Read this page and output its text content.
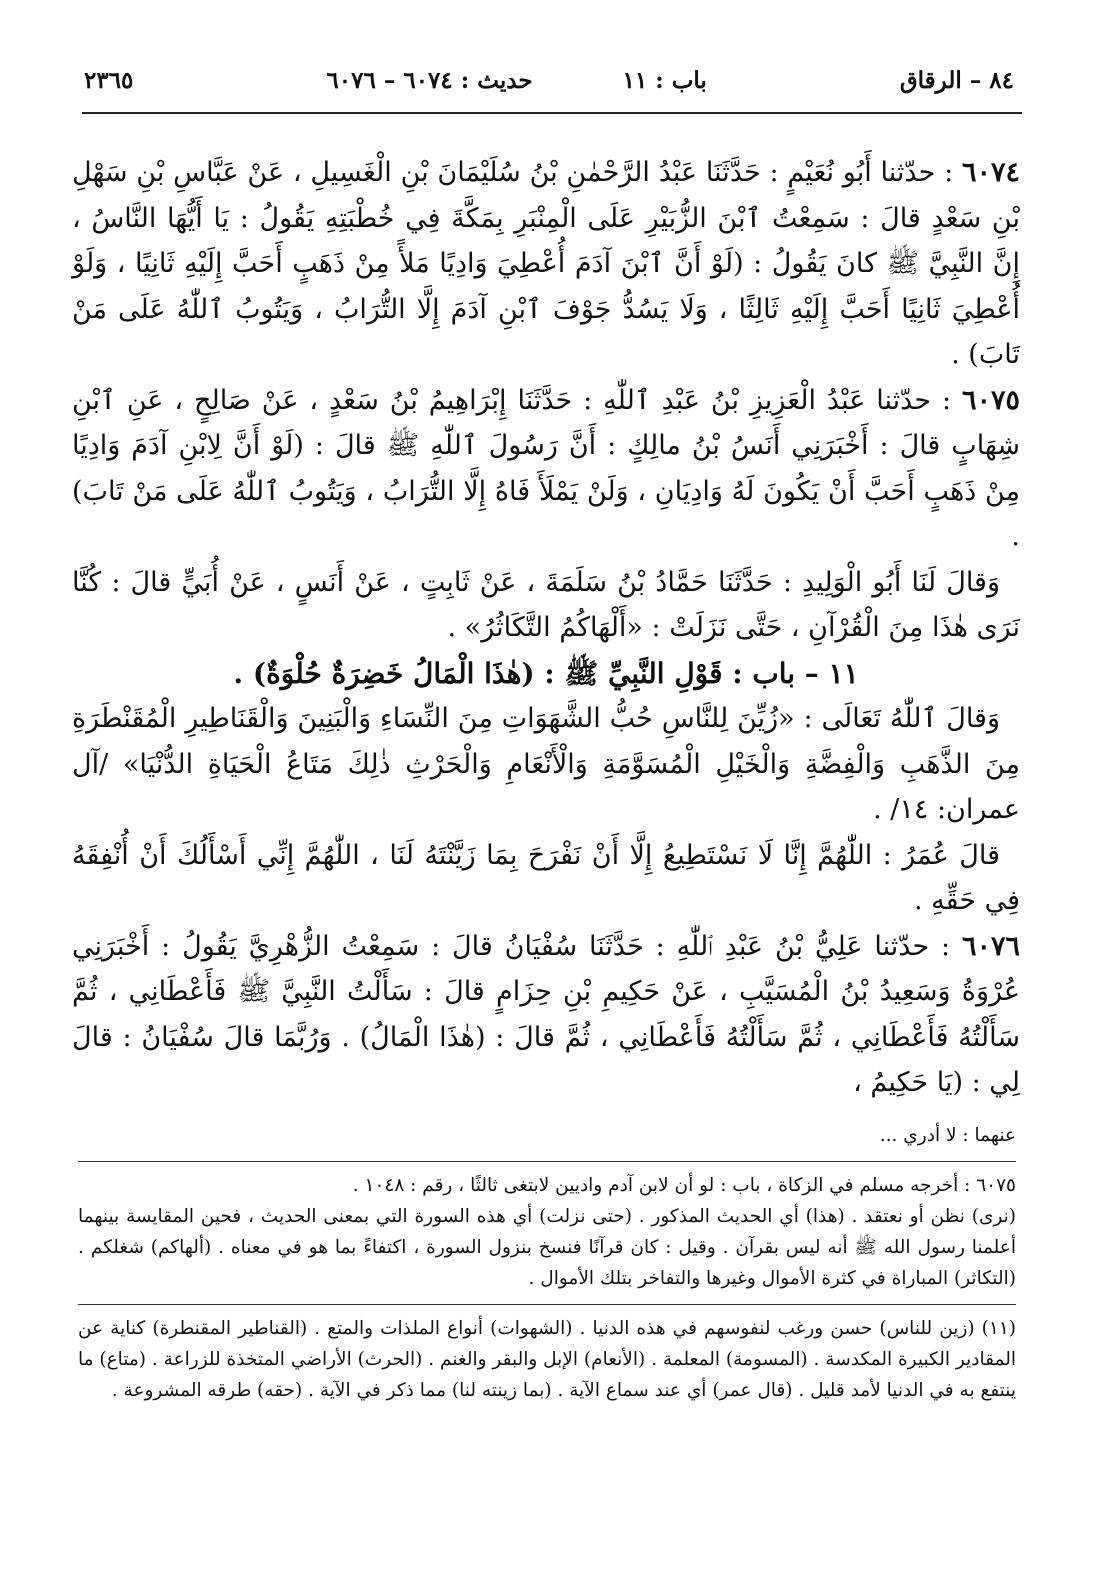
٨٤ – الرقاق
باب : ١١
حديث : ٦٠٧٤ – ٦٠٧٦
٢٣٦٥

٦٠٧٤ : حدّثنا أَبُو نُعَيْمٍ : حَدَّثَنَا عَبْدُ الرَّحْمٰنِ بْنُ سُلَيْمَانَ بْنِ الْغَسِيلِ ، عَنْ عَبَّاسِ بْنِ سَهْلِ بْنِ سَعْدٍ قالَ : سَمِعْتُ ٱبْنَ الزُّبَيْرِ عَلَى الْمِنْبَرِ بِمَكَّةَ فِي خُطْبَتِهِ يَقُولُ : يَا أَيُّهَا النَّاسُ ، إِنَّ النَّبِيَّ ﷺ كانَ يَقُولُ : (لَوْ أَنَّ ٱبْنَ آدَمَ أُعْطِيَ وَادِيًا مَلأً مِنْ ذَهَبٍ أَحَبَّ إِلَيْهِ ثَانِيًا ، وَلَوْ أُعْطِيَ ثَانِيًا أَحَبَّ إِلَيْهِ ثَالِثًا ، وَلَا يَسُدُّ جَوْفَ ٱبْنِ آدَمَ إِلَّا التُّرَابُ ، وَيَتُوبُ ٱللّٰهُ عَلَى مَنْ تَابَ) .

٦٠٧٥ : حدّثنا عَبْدُ الْعَزِيزِ بْنُ عَبْدِ ٱللّٰهِ : حَدَّثَنَا إِبْرَاهِيمُ بْنُ سَعْدٍ ، عَنْ صَالِحٍ ، عَنِ ٱبْنِ شِهَابٍ قالَ : أَخْبَرَنِي أَنَسُ بْنُ مالِكٍ : أَنَّ رَسُولَ ٱللّٰهِ ﷺ قالَ : (لَوْ أَنَّ لِابْنِ آدَمَ وَادِيًا مِنْ ذَهَبٍ أَحَبَّ أَنْ يَكُونَ لَهُ وَادِيَانِ ، وَلَنْ يَمْلَأَ فَاهُ إِلَّا التُّرَابُ ، وَيَتُوبُ ٱللّٰهُ عَلَى مَنْ تَابَ) .

وَقالَ لَنَا أَبُو الْوَلِيدِ : حَدَّثَنَا حَمَّادُ بْنُ سَلَمَةَ ، عَنْ ثَابِتٍ ، عَنْ أَنَسٍ ، عَنْ أُبَيٍّ قالَ : كُنَّا نَرَى هٰذَا مِنَ الْقُرْآنِ ، حَتَّى نَزَلَتْ : «أَلْهَاكُمُ التَّكَاثُرُ» .

١١ – باب : قَوْلِ النَّبِيِّ ﷺ : (هٰذَا الْمَالُ خَضِرَةٌ حُلْوَةٌ) .

وَقالَ ٱللّٰهُ تَعَالَى : «زُيِّنَ لِلنَّاسِ حُبُّ الشَّهَوَاتِ مِنَ النِّسَاءِ وَالْبَنِينَ وَالْقَنَاطِيرِ الْمُقَنْطَرَةِ مِنَ الذَّهَبِ وَالْفِضَّةِ وَالْخَيْلِ الْمُسَوَّمَةِ وَالْأَنْعَامِ وَالْحَرْثِ ذٰلِكَ مَتَاعُ الْحَيَاةِ الدُّنْيَا» /آل عمران: ١٤/ .

قالَ عُمَرُ : اللّٰهُمَّ إِنَّا لَا نَسْتَطِيعُ إِلَّا أَنْ نَفْرَحَ بِمَا زَيَّنْتَهُ لَنَا ، اللّٰهُمَّ إِنِّي أَسْأَلُكَ أَنْ أُنْفِقَهُ فِي حَقِّهِ .

٦٠٧٦ : حدّثنا عَلِيُّ بْنُ عَبْدِ ٱللّٰهِ : حَدَّثَنَا سُفْيَانُ قالَ : سَمِعْتُ الزُّهْرِيَّ يَقُولُ : أَخْبَرَنِي عُرْوَةُ وَسَعِيدُ بْنُ الْمُسَيَّبِ ، عَنْ حَكِيمِ بْنِ حِزَامٍ قالَ : سَأَلْتُ النَّبِيَّ ﷺ فَأَعْطَانِي ، ثُمَّ سَأَلْتُهُ فَأَعْطَانِي ، ثُمَّ سَأَلْتُهُ فَأَعْطَانِي ، ثُمَّ قالَ : (هٰذَا الْمَالُ) . وَرُبَّمَا قالَ سُفْيَانُ : قالَ لِي : (يَا حَكِيمُ ،

عنهما : لا أدري ...

٦٠٧٥ : أخرجه مسلم في الزكاة ، باب : لو أن لابن آدم واديين لابتغى ثالثًا ، رقم : ١٠٤٨ .

(نرى) نظن أو نعتقد . (هذا) أي الحديث المذكور . (حتى نزلت) أي هذه السورة التي بمعنى الحديث ، فحين المقايسة بينهما أعلمنا رسول الله ﷺ أنه ليس بقرآن . وقيل : كان قرآنًا فنسخ بنزول السورة ، اكتفاءً بما هو في معناه . (ألهاكم) شغلكم . (التكاثر) المباراة في كثرة الأموال وغيرها والتفاخر بتلك الأموال .

(١١) (زين للناس) حسن ورغب لنفوسهم في هذه الدنيا . (الشهوات) أنواع الملذات والمتع . (القناطير المقنطرة) كناية عن المقادير الكبيرة المكدسة . (المسومة) المعلمة . (الأنعام) الإبل والبقر والغنم . (الحرث) الأراضي المتخذة للزراعة . (متاع) ما ينتفع به في الدنيا لأمد قليل . (قال عمر) أي عند سماع الآية . (بما زينته لنا) مما ذكر في الآية . (حقه) طرقه المشروعة .
